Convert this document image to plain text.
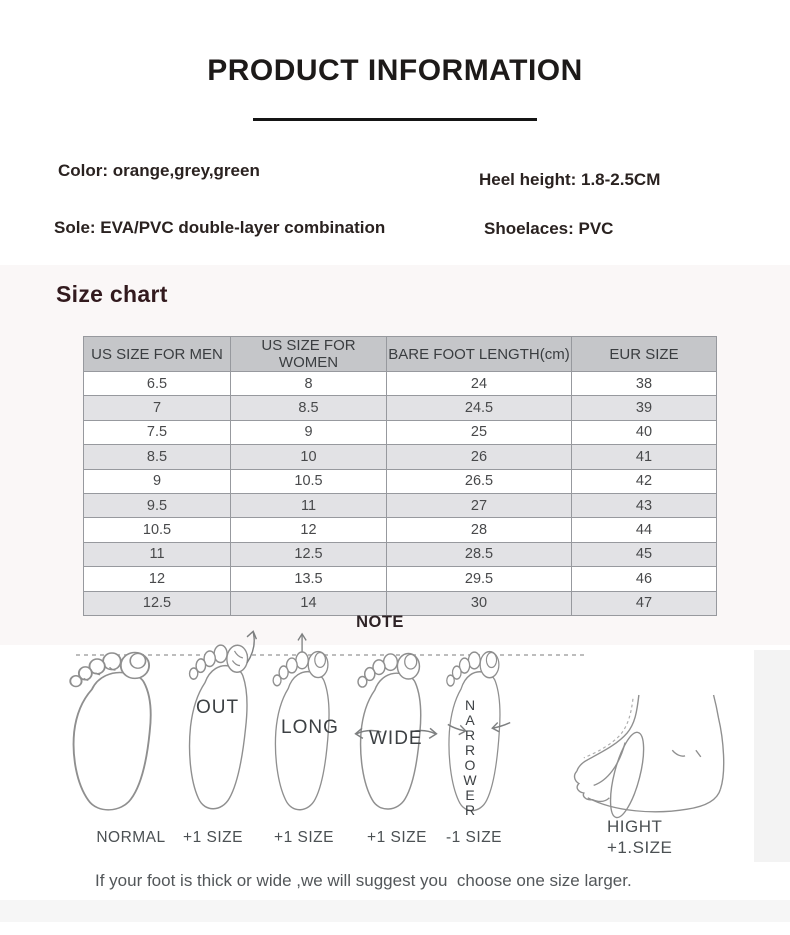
PRODUCT INFORMATION
Color: orange,grey,green	Heel height: 1.8-2.5CM
Sole: EVA/PVC double-layer combination	Shoelaces: PVC
Size chart
US SIZE FOR MEN	US SIZE FOR WOMEN	BARE FOOT LENGTH(cm)	EUR SIZE
6.5	8	24	38
7	8.5	24.5	39
7.5	9	25	40
8.5	10	26	41
9	10.5	26.5	42
9.5	11	27	43
10.5	12	28	44
11	12.5	28.5	45
12	13.5	29.5	46
12.5	14	30	47
NOTE
OUT
LONG
WIDE	NARROWER
NORMAL	+1 SIZE	+1 SIZE	+1 SIZE	-1 SIZE
HIGHT
+1.SIZE
If your foot is thick or wide ,we will suggest you  choose one size larger.
